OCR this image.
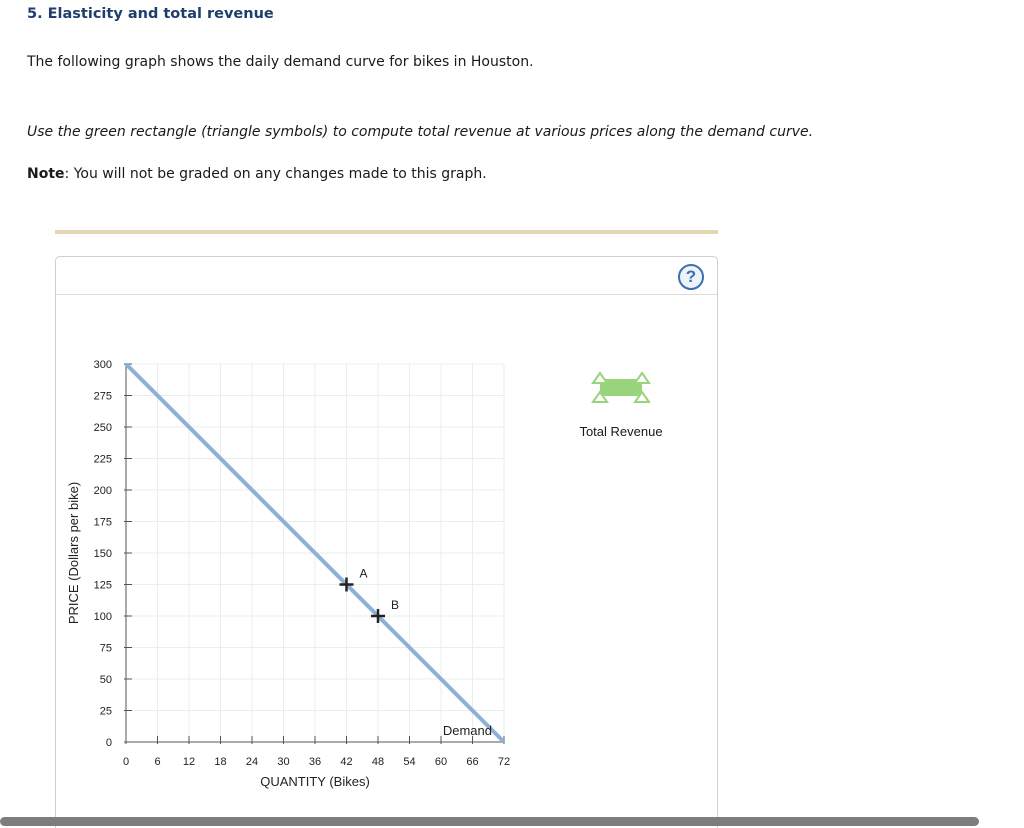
5. Elasticity and total revenue
The following graph shows the daily demand curve for bikes in Houston.
Use the green rectangle (triangle symbols) to compute total revenue at various prices along the demand curve.
Note: You will not be graded on any changes made to this graph.
?
0
25
50
75
100
125
150
175
200
225
250
275
300
0 6 12 18 24 30 36 42 48 54 60 66 72
QUANTITY (Bikes)
PRICE (Dollars per bike)
Demand
A
B
Total Revenue
